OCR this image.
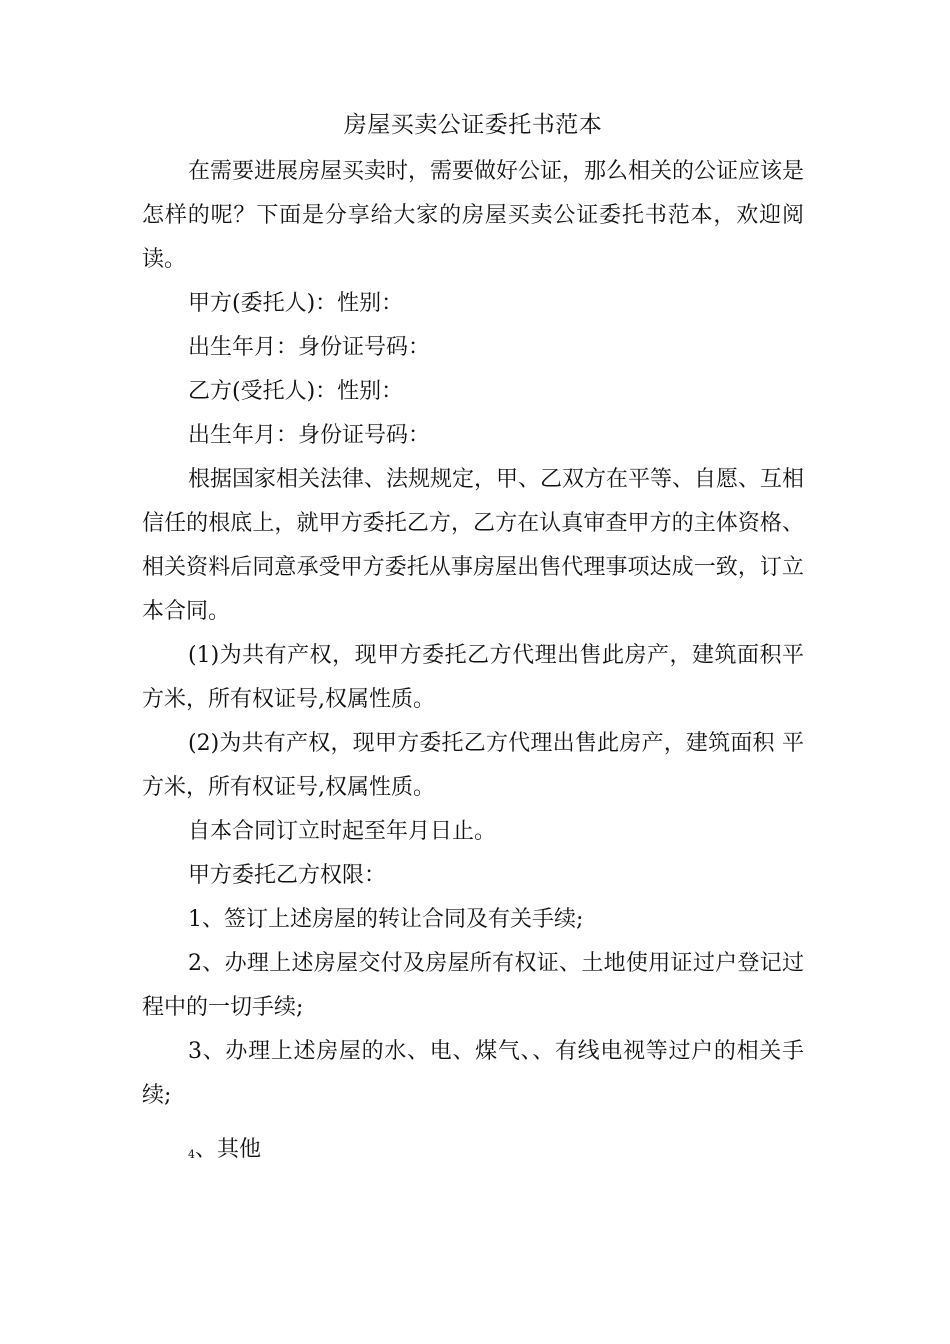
房屋买卖公证委托书范本

在需要进展房屋买卖时，需要做好公证，那么相关的公证应该是怎样的呢？下面是分享给大家的房屋买卖公证委托书范本，欢迎阅读。

甲方(委托人)：性别：

出生年月：身份证号码：

乙方(受托人)：性别：

出生年月：身份证号码：

根据国家相关法律、法规规定，甲、乙双方在平等、自愿、互相信任的根底上，就甲方委托乙方，乙方在认真审查甲方的主体资格、相关资料后同意承受甲方委托从事房屋出售代理事项达成一致，订立本合同。

(1)为共有产权，现甲方委托乙方代理出售此房产，建筑面积平方米，所有权证号,权属性质。

(2)为共有产权，现甲方委托乙方代理出售此房产，建筑面积 平方米，所有权证号,权属性质。

自本合同订立时起至年月日止。

甲方委托乙方权限：

1、签订上述房屋的转让合同及有关手续;

2、办理上述房屋交付及房屋所有权证、土地使用证过户登记过程中的一切手续;

3、办理上述房屋的水、电、煤气、、有线电视等过户的相关手续;

4、其他
